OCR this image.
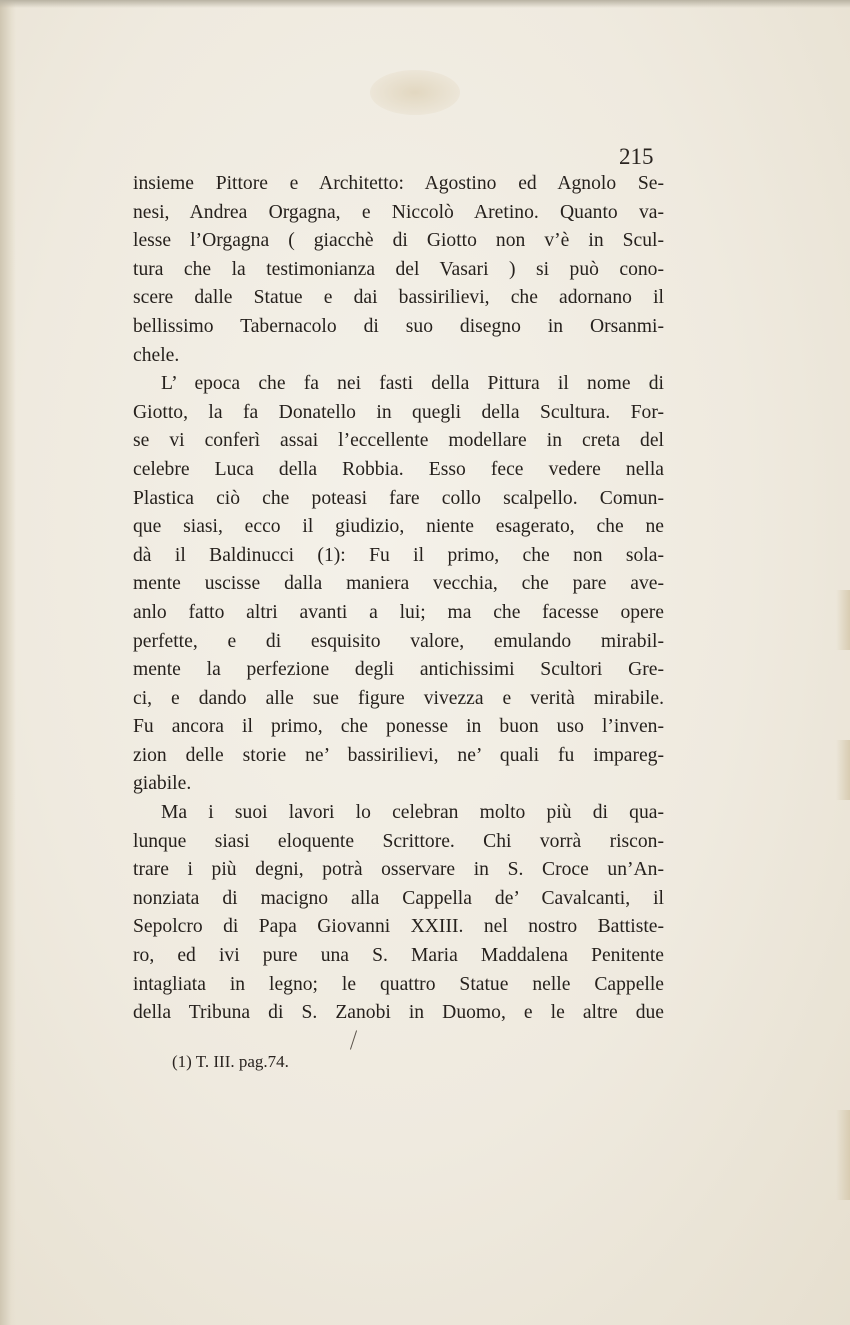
215
insieme Pittore e Architetto: Agostino ed Agnolo Se-
nesi, Andrea Orgagna, e Niccolò Aretino. Quanto va-
lesse l’Orgagna ( giacchè di Giotto non v’è in Scul-
tura che la testimonianza del Vasari ) si può cono-
scere dalle Statue e dai bassirilievi, che adornano il
bellissimo Tabernacolo di suo disegno in Orsanmi-
chele.
L’ epoca che fa nei fasti della Pittura il nome di
Giotto, la fa Donatello in quegli della Scultura. For-
se vi conferì assai l’eccellente modellare in creta del
celebre Luca della Robbia. Esso fece vedere nella
Plastica ciò che poteasi fare collo scalpello. Comun-
que siasi, ecco il giudizio, niente esagerato, che ne
dà il Baldinucci (1): Fu il primo, che non sola-
mente uscisse dalla maniera vecchia, che pare ave-
anlo fatto altri avanti a lui; ma che facesse opere
perfette, e di esquisito valore, emulando mirabil-
mente la perfezione degli antichissimi Scultori Gre-
ci, e dando alle sue figure vivezza e verità mirabile.
Fu ancora il primo, che ponesse in buon uso l’inven-
zion delle storie ne’ bassirilievi, ne’ quali fu impareg-
giabile.
Ma i suoi lavori lo celebran molto più di qua-
lunque siasi eloquente Scrittore. Chi vorrà riscon-
trare i più degni, potrà osservare in S. Croce un’An-
nonziata di macigno alla Cappella de’ Cavalcanti, il
Sepolcro di Papa Giovanni XXIII. nel nostro Battiste-
ro, ed ivi pure una S. Maria Maddalena Penitente
intagliata in legno; le quattro Statue nelle Cappelle
della Tribuna di S. Zanobi in Duomo, e le altre due
(1) T. III. pag.74.
